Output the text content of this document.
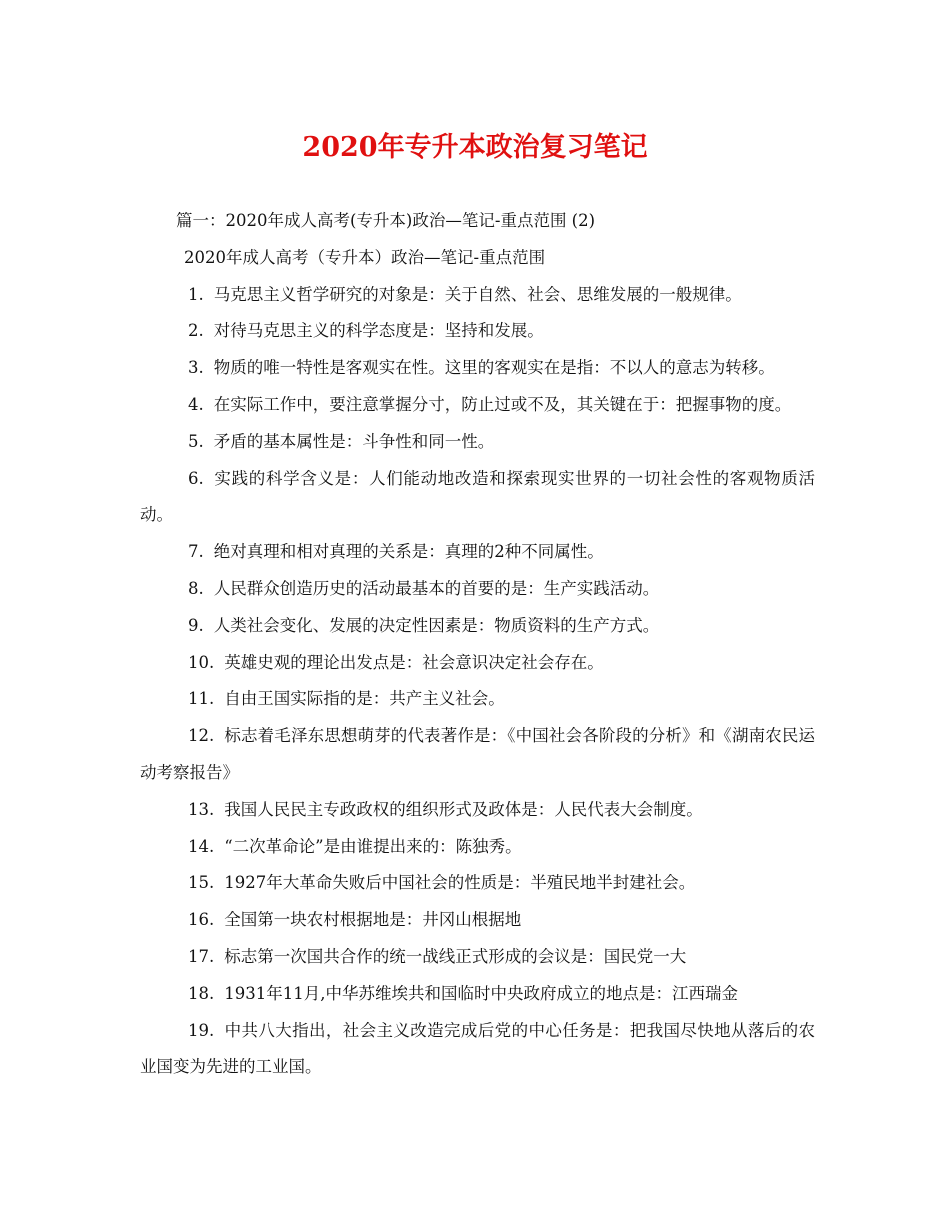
2020年专升本政治复习笔记

篇一：2020年成人高考(专升本)政治—笔记-重点范围 (2)

2020年成人高考（专升本）政治—笔记-重点范围

1. 马克思主义哲学研究的对象是：关于自然、社会、思维发展的一般规律。

2. 对待马克思主义的科学态度是：坚持和发展。

3. 物质的唯一特性是客观实在性。这里的客观实在是指：不以人的意志为转移。

4. 在实际工作中，要注意掌握分寸，防止过或不及，其关键在于：把握事物的度。

5. 矛盾的基本属性是：斗争性和同一性。

6. 实践的科学含义是：人们能动地改造和探索现实世界的一切社会性的客观物质活动。

7. 绝对真理和相对真理的关系是：真理的2种不同属性。

8. 人民群众创造历史的活动最基本的首要的是：生产实践活动。

9. 人类社会变化、发展的决定性因素是：物质资料的生产方式。

10. 英雄史观的理论出发点是：社会意识决定社会存在。

11. 自由王国实际指的是：共产主义社会。

12. 标志着毛泽东思想萌芽的代表著作是：《中国社会各阶段的分析》和《湖南农民运动考察报告》

13. 我国人民民主专政政权的组织形式及政体是：人民代表大会制度。

14. “二次革命论”是由谁提出来的：陈独秀。

15. 1927年大革命失败后中国社会的性质是：半殖民地半封建社会。

16. 全国第一块农村根据地是：井冈山根据地

17. 标志第一次国共合作的统一战线正式形成的会议是：国民党一大

18. 1931年11月,中华苏维埃共和国临时中央政府成立的地点是：江西瑞金

19. 中共八大指出，社会主义改造完成后党的中心任务是：把我国尽快地从落后的农业国变为先进的工业国。
